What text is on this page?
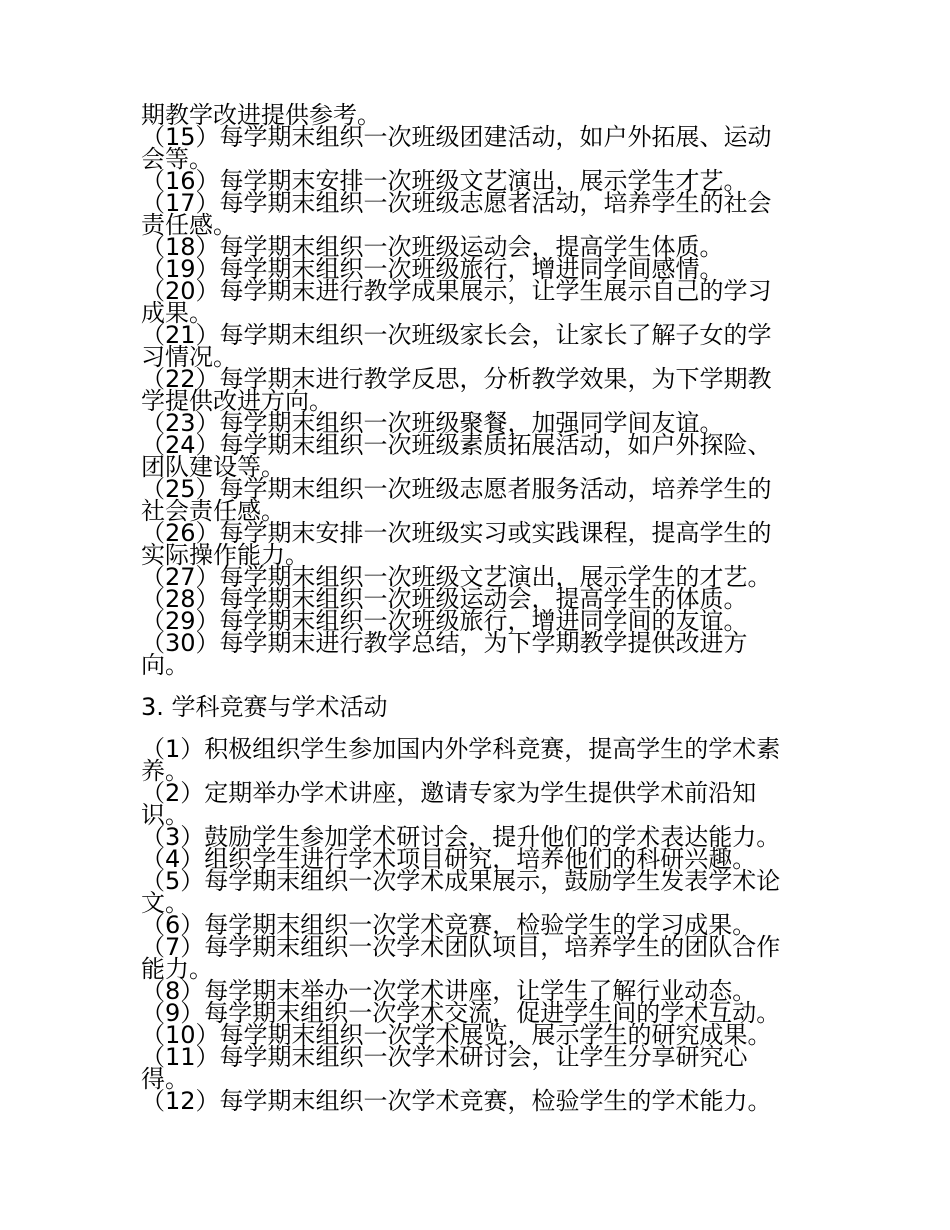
期教学改进提供参考。

（15）每学期末组织一次班级团建活动，如户外拓展、运动
会等。

（16）每学期末安排一次班级文艺演出，展示学生才艺。

（17）每学期末组织一次班级志愿者活动，培养学生的社会
责任感。

（18）每学期末组织一次班级运动会，提高学生体质。

（19）每学期末组织一次班级旅行，增进同学间感情。

（20）每学期末进行教学成果展示，让学生展示自己的学习
成果。

（21）每学期末组织一次班级家长会，让家长了解子女的学
习情况。

（22）每学期末进行教学反思，分析教学效果，为下学期教
学提供改进方向。

（23）每学期末组织一次班级聚餐，加强同学间友谊。

（24）每学期末组织一次班级素质拓展活动，如户外探险、
团队建设等。

（25）每学期末组织一次班级志愿者服务活动，培养学生的
社会责任感。

（26）每学期末安排一次班级实习或实践课程，提高学生的
实际操作能力。

（27）每学期末组织一次班级文艺演出，展示学生的才艺。

（28）每学期末组织一次班级运动会，提高学生的体质。

（29）每学期末组织一次班级旅行，增进同学间的友谊。

（30）每学期末进行教学总结，为下学期教学提供改进方
向。

3. 学科竞赛与学术活动

（1）积极组织学生参加国内外学科竞赛，提高学生的学术素
养。

（2）定期举办学术讲座，邀请专家为学生提供学术前沿知
识。

（3）鼓励学生参加学术研讨会，提升他们的学术表达能力。

（4）组织学生进行学术项目研究，培养他们的科研兴趣。

（5）每学期末组织一次学术成果展示，鼓励学生发表学术论
文。

（6）每学期末组织一次学术竞赛，检验学生的学习成果。

（7）每学期末组织一次学术团队项目，培养学生的团队合作
能力。

（8）每学期末举办一次学术讲座，让学生了解行业动态。

（9）每学期末组织一次学术交流，促进学生间的学术互动。

（10）每学期末组织一次学术展览，展示学生的研究成果。

（11）每学期末组织一次学术研讨会，让学生分享研究心
得。

（12）每学期末组织一次学术竞赛，检验学生的学术能力。
